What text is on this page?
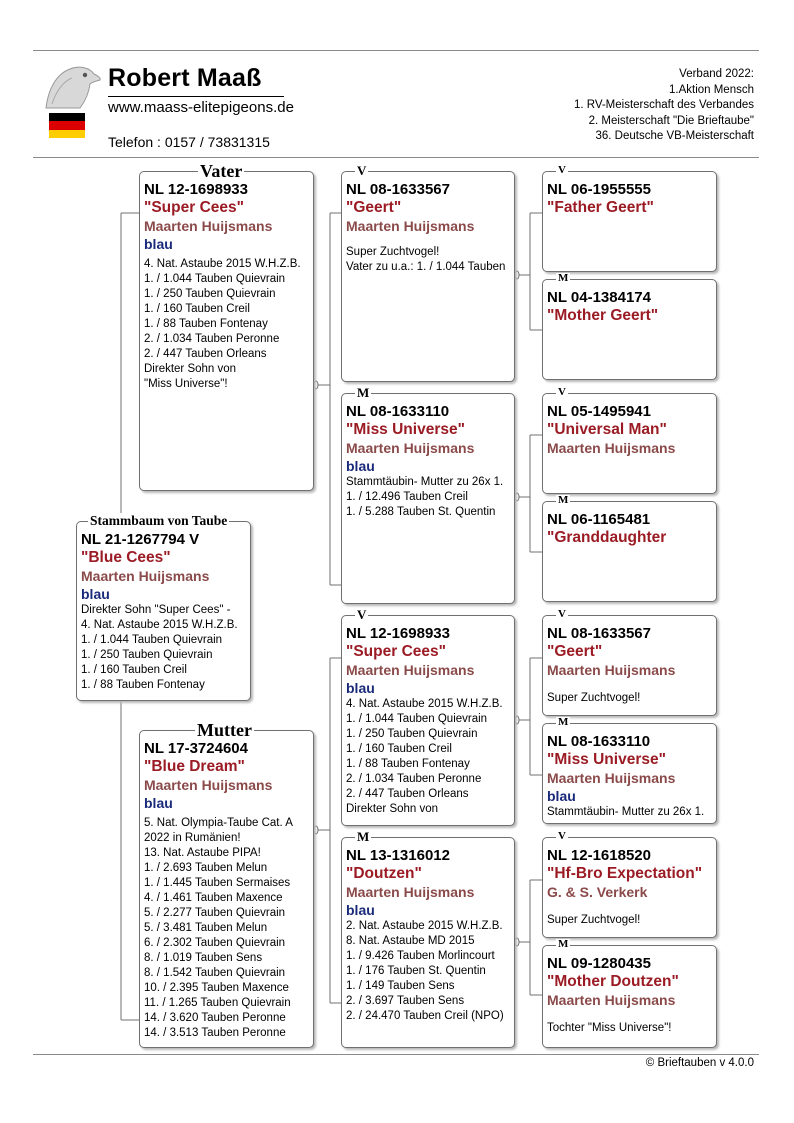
Robert Maaß
www.maass-elitepigeons.de
Telefon : 0157 / 73831315
Verband 2022:
1.Aktion Mensch
1. RV-Meisterschaft des Verbandes
2. Meisterschaft "Die Brieftaube"
36. Deutsche VB-Meisterschaft
NL 21-1267794 V
"Blue Cees"
Maarten Huijsmans
blau
Direkter Sohn "Super Cees" -
4. Nat. Astaube 2015 W.H.Z.B.
1. / 1.044 Tauben Quievrain
1. / 250 Tauben Quievrain
1. / 160 Tauben Creil
1. / 88 Tauben Fontenay
Stammbaum von Taube
NL 12-1698933
"Super Cees"
Maarten Huijsmans
blau
4. Nat. Astaube 2015 W.H.Z.B.
1. / 1.044 Tauben Quievrain
1. / 250 Tauben Quievrain
1. / 160 Tauben Creil
1. / 88 Tauben Fontenay
2. / 1.034 Tauben Peronne
2. / 447 Tauben Orleans
Direkter Sohn von
"Miss Universe"!
Vater
NL 17-3724604
"Blue Dream"
Maarten Huijsmans
blau
5. Nat. Olympia-Taube Cat. A
2022 in Rumänien!
13. Nat. Astaube PIPA!
1. / 2.693 Tauben Melun
1. / 1.445 Tauben Sermaises
4. / 1.461 Tauben Maxence
5. / 2.277 Tauben Quievrain
5. / 3.481 Tauben Melun
6. / 2.302 Tauben Quievrain
8. / 1.019 Tauben Sens
8. / 1.542 Tauben Quievrain
10. / 2.395 Tauben Maxence
11. / 1.265 Tauben Quievrain
14. / 3.620 Tauben Peronne
14. / 3.513 Tauben Peronne
Mutter
NL 08-1633567
"Geert"
Maarten Huijsmans
Super Zuchtvogel!
Vater zu u.a.: 1. / 1.044 Tauben
V
NL 08-1633110
"Miss Universe"
Maarten Huijsmans
blau
Stammtäubin- Mutter zu 26x 1.
1. / 12.496 Tauben Creil
1. / 5.288 Tauben St. Quentin
M
NL 12-1698933
"Super Cees"
Maarten Huijsmans
blau
4. Nat. Astaube 2015 W.H.Z.B.
1. / 1.044 Tauben Quievrain
1. / 250 Tauben Quievrain
1. / 160 Tauben Creil
1. / 88 Tauben Fontenay
2. / 1.034 Tauben Peronne
2. / 447 Tauben Orleans
Direkter Sohn von
V
NL 13-1316012
"Doutzen"
Maarten Huijsmans
blau
2. Nat. Astaube 2015 W.H.Z.B.
8. Nat. Astaube MD 2015
1. / 9.426 Tauben Morlincourt
1. / 176 Tauben St. Quentin
1. / 149 Tauben Sens
2. / 3.697 Tauben Sens
2. / 24.470 Tauben Creil (NPO)
M
NL 06-1955555
"Father Geert"
V
NL 04-1384174
"Mother Geert"
M
NL 05-1495941
"Universal Man"
Maarten Huijsmans
V
NL 06-1165481
"Granddaughter
M
NL 08-1633567
"Geert"
Maarten Huijsmans
Super Zuchtvogel!
V
NL 08-1633110
"Miss Universe"
Maarten Huijsmans
blau
Stammtäubin- Mutter zu 26x 1.
M
NL 12-1618520
"Hf-Bro Expectation"
G. & S. Verkerk
Super Zuchtvogel!
V
NL 09-1280435
"Mother Doutzen"
Maarten Huijsmans
Tochter "Miss Universe"!
M
© Brieftauben v 4.0.0
